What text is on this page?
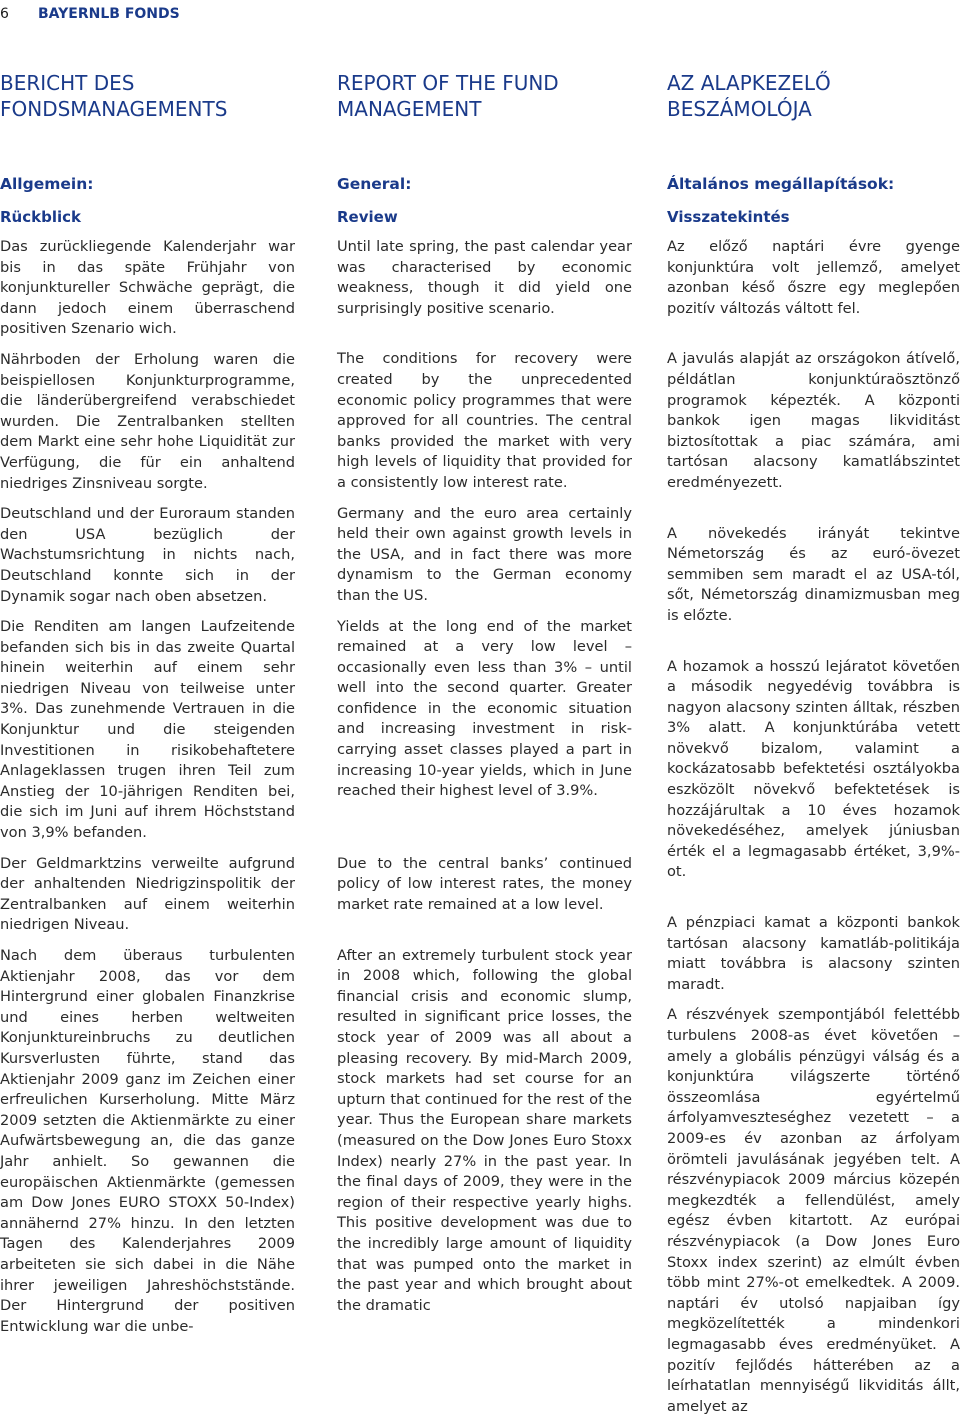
6 BAYERNLB FONDS
BERICHT DES FONDSMANAGEMENTS
Allgemein:
Rückblick

Das zurückliegende Kalenderjahr war bis in das späte Frühjahr von konjunktureller Schwäche geprägt, die dann jedoch einem überraschend positiven Szenario wich.

Nährboden der Erholung waren die beispiellosen Konjunkturprogramme, die länderübergreifend verabschiedet wurden. Die Zentralbanken stellten dem Markt eine sehr hohe Liquidität zur Verfügung, die für ein anhaltend niedriges Zinsniveau sorgte.

Deutschland und der Euroraum standen den USA bezüglich der Wachstumsrichtung in nichts nach, Deutschland konnte sich in der Dynamik sogar nach oben absetzen.

Die Renditen am langen Laufzeitende befanden sich bis in das zweite Quartal hinein weiterhin auf einem sehr niedrigen Niveau von teilweise unter 3%. Das zunehmende Vertrauen in die Konjunktur und die steigenden Investitionen in risikobehaftetere Anlageklassen trugen ihren Teil zum Anstieg der 10-jährigen Renditen bei, die sich im Juni auf ihrem Höchststand von 3,9% befanden.

Der Geldmarktzins verweilte aufgrund der anhaltenden Niedrigzinspolitik der Zentralbanken auf einem weiterhin niedrigen Niveau.

Nach dem überaus turbulenten Aktienjahr 2008, das vor dem Hintergrund einer globalen Finanzkrise und eines herben weltweiten Konjunktureinbruchs zu deutlichen Kursverlusten führte, stand das Aktienjahr 2009 ganz im Zeichen einer erfreulichen Kurserholung. Mitte März 2009 setzten die Aktienmärkte zu einer Aufwärtsbewegung an, die das ganze Jahr anhielt. So gewannen die europäischen Aktienmärkte (gemessen am Dow Jones EURO STOXX 50-Index) annähernd 27% hinzu. In den letzten Tagen des Kalenderjahres 2009 arbeiteten sie sich dabei in die Nähe ihrer jeweiligen Jahreshöchststände. Der Hintergrund der positiven Entwicklung war die unbe-

REPORT OF THE FUND MANAGEMENT
General:
Review

Until late spring, the past calendar year was characterised by economic weakness, though it did yield one surprisingly positive scenario.

The conditions for recovery were created by the unprecedented economic policy programmes that were approved for all countries. The central banks provided the market with very high levels of liquidity that provided for a consistently low interest rate.

Germany and the euro area certainly held their own against growth levels in the USA, and in fact there was more dynamism to the German economy than the US.

Yields at the long end of the market remained at a very low level – occasionally even less than 3% – until well into the second quarter. Greater confidence in the economic situation and increasing investment in risk-carrying asset classes played a part in increasing 10-year yields, which in June reached their highest level of 3.9%.

Due to the central banks’ continued policy of low interest rates, the money market rate remained at a low level.

After an extremely turbulent stock year in 2008 which, following the global financial crisis and economic slump, resulted in significant price losses, the stock year of 2009 was all about a pleasing recovery. By mid-March 2009, stock markets had set course for an upturn that continued for the rest of the year. Thus the European share markets (measured on the Dow Jones Euro Stoxx Index) nearly 27% in the past year. In the final days of 2009, they were in the region of their respective yearly highs. This positive development was due to the incredibly large amount of liquidity that was pumped onto the market in the past year and which brought about the dramatic

AZ ALAPKEZELŐ BESZÁMOLÓJA
Általános megállapítások:
Visszatekintés

Az előző naptári évre gyenge konjunktúra volt jellemző, amelyet azonban késő őszre egy meglepően pozitív változás váltott fel.

A javulás alapját az országokon átívelő, példátlan konjunktúraösztönző programok képezték. A központi bankok igen magas likviditást biztosítottak a piac számára, ami tartósan alacsony kamatlábszintet eredményezett.

A növekedés irányát tekintve Németország és az euró-övezet semmiben sem maradt el az USA-tól, sőt, Németország dinamizmusban meg is előzte.

A hozamok a hosszú lejáratot követően a második negyedévig továbbra is nagyon alacsony szinten álltak, részben 3% alatt. A konjunktúrába vetett növekvő bizalom, valamint a kockázatosabb befektetési osztályokba eszközölt növekvő befektetések is hozzájárultak a 10 éves hozamok növekedéséhez, amelyek júniusban érték el a legmagasabb értéket, 3,9%-ot.

A pénzpiaci kamat a központi bankok tartósan alacsony kamatláb-politikája miatt továbbra is alacsony szinten maradt.

A részvények szempontjából felettébb turbulens 2008-as évet követően – amely a globális pénzügyi válság és a konjunktúra világszerte történő összeomlása egyértelmű árfolyamveszteséghez vezetett – a 2009-es év azonban az árfolyam örömteli javulásának jegyében telt. A részvénypiacok 2009 március közepén megkezdték a fellendülést, amely egész évben kitartott. Az európai részvénypiacok (a Dow Jones Euro Stoxx index szerint) az elmúlt évben több mint 27%-ot emelkedtek. A 2009. naptári év utolsó napjaiban így megközelítették a mindenkori legmagasabb éves eredményüket. A pozitív fejlődés hátterében az a leírhatatlan mennyiségű likviditás állt, amelyet az
